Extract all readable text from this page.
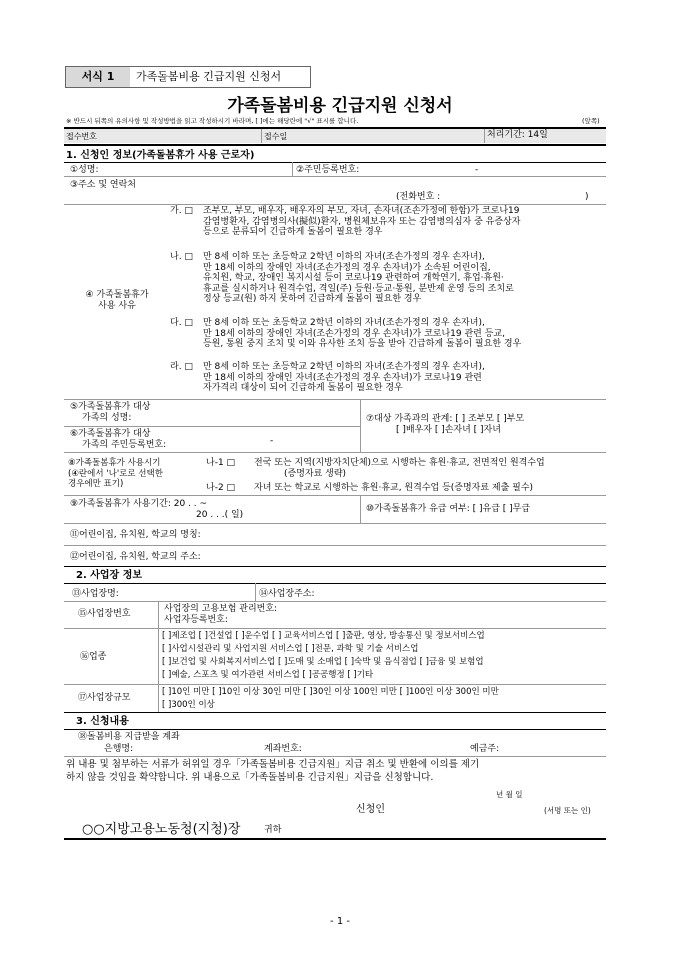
서식 1	가족돌봄비용 긴급지원 신청서
가족돌봄비용 긴급지원 신청서
※ 반드시 뒤쪽의 유의사항 및 작성방법을 읽고 작성하시기 바라며, [ ]에는 해당란에 "√" 표시를 합니다.	(앞쪽)
접수번호	접수일	처리기간: 14일
1. 신청인 정보(가족돌봄휴가 사용 근로자)
①성명:	②주민등록번호:	-
③주소 및 연락처
(전화번호 :	)
④ 가족돌봄휴가
사용 사유

가. □ 조부모, 부모, 배우자, 배우자의 부모, 자녀, 손자녀(조손가정에 한함)가 코로나19

감염병환자, 감염병의사(擬似)환자, 병원체보유자 또는 감염병의심자 중 유증상자

등으로 분류되어 긴급하게 돌봄이 필요한 경우

나. □ 만 8세 이하 또는 초등학교 2학년 이하의 자녀(조손가정의 경우 손자녀),

만 18세 이하의 장애인 자녀(조손가정의 경우 손자녀)가 소속된 어린이집,

유치원, 학교, 장애인 복지시설 등이 코로나19 관련하여 개학연기, 휴업·휴원·

휴교를 실시하거나 원격수업, 격일(주) 등원·등교·통원, 분반제 운영 등의 조치로

정상 등교(원) 하지 못하여 긴급하게 돌봄이 필요한 경우

다. □ 만 8세 이하 또는 초등학교 2학년 이하의 자녀(조손가정의 경우 손자녀),

만 18세 이하의 장애인 자녀(조손가정의 경우 손자녀)가 코로나19 관련 등교,

등원, 통원 중지 조치 및 이와 유사한 조치 등을 받아 긴급하게 돌봄이 필요한 경우

라. □ 만 8세 이하 또는 초등학교 2학년 이하의 자녀(조손가정의 경우 손자녀),

만 18세 이하의 장애인 자녀(조손가정의 경우 손자녀)가 코로나19 관련

자가격리 대상이 되어 긴급하게 돌봄이 필요한 경우

⑤가족돌봄휴가 대상
가족의 성명:
⑥가족돌봄휴가 대상
가족의 주민등록번호:	-
⑦대상 가족과의 관계: [ ] 조부모 [ ]부모
[ ]배우자 [ ]손자녀 [ ]자녀
⑧가족돌봄휴가 사용시기
(④란에서 '나'로로 선택한
경우에만 표기)
나-1 □ 전국 또는 지역(지방자치단체)으로 시행하는 휴원·휴교, 전면적인 원격수업
(증명자료 생략)
나-2 □ 자녀 또는 학교로 시행하는 휴원·휴교, 원격수업 등(증명자료 제출 필수)
⑨가족돌봄휴가 사용기간: 20 . . ~
20 . . .( 일)
⑩가족돌봄휴가 유급 여부: [ ]유급 [ ]무급
⑪어린이집, 유치원, 학교의 명칭:
⑫어린이집, 유치원, 학교의 주소:
2. 사업장 정보
⑬사업장명:	⑭사업장주소:
⑮사업장번호	사업장의 고용보험 관리번호:
사업자등록번호:
⑯업종
[ ]제조업 [ ]건설업 [ ]운수업 [ ] 교육서비스업 [ ]출판, 영상, 방송통신 및 정보서비스업
[ ]사업시설관리 및 사업지원 서비스업 [ ]전문, 과학 및 기술 서비스업
[ ]보건업 및 사회복지서비스업 [ ]도매 및 소매업 [ ]숙박 및 음식점업 [ ]금융 및 보험업
[ ]예술, 스포츠 및 여가관련 서비스업 [ ]공공행정 [ ]기타
⑰사업장규모
[ ]10인 미만 [ ]10인 이상 30인 미만 [ ]30인 이상 100인 미만 [ ]100인 이상 300인 미만
[ ]300인 이상
3. 신청내용
⑱돌봄비용 지급받을 계좌
은행명:	계좌번호:	예금주:
위 내용 및 첨부하는 서류가 허위일 경우「가족돌봄비용 긴급지원」지급 취소 및 반환에 이의를 제기
하지 않을 것임을 확약합니다. 위 내용으로「가족돌봄비용 긴급지원」지급을 신청합니다.
년 월 일
신청인	(서명 또는 인)
○○지방고용노동청(지청)장	귀하
- 1 -
